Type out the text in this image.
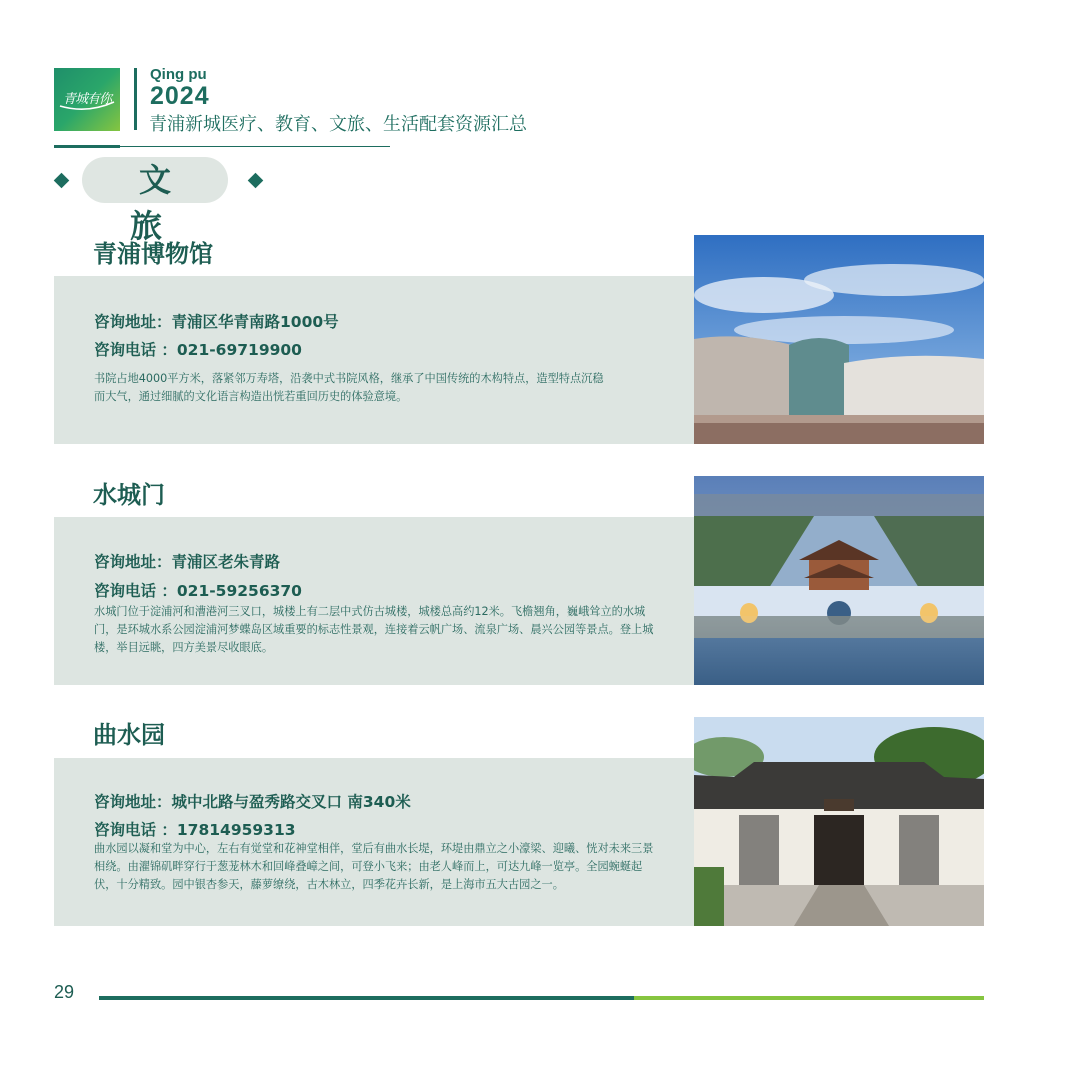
青城有你
Qing pu
2024
青浦新城医疗、教育、文旅、生活配套资源汇总
文 旅
青浦博物馆
咨询地址：青浦区华青南路1000号
咨询电话 ：021-69719900
书院占地4000平方米，落紧邻万寿塔，沿袭中式书院风格，继承了中国传统的木构特点，造型特点沉稳而大气，通过细腻的文化语言构造出恍若重回历史的体验意境。
水城门
咨询地址：青浦区老朱青路
咨询电话 ：021-59256370
水城门位于淀浦河和漕港河三叉口，城楼上有二层中式仿古城楼，城楼总高约12米。飞檐翘角，巍峨耸立的水城门，是环城水系公园淀浦河梦蝶岛区域重要的标志性景观，连接着云帆广场、流泉广场、晨兴公园等景点。登上城楼，举目远眺，四方美景尽收眼底。
曲水园
咨询地址：城中北路与盈秀路交叉口 南340米
咨询电话 ：17814959313
曲水园以凝和堂为中心，左右有觉堂和花神堂相伴，堂后有曲水长堤，环堤由鼎立之小濠梁、迎曦、恍对未来三景相绕。由濯锦矶畔穿行于葱茏林木和回峰叠嶂之间，可登小飞来；由老人峰而上，可达九峰一览亭。全园蜿蜒起伏，十分精致。园中银杏参天，藤萝缭绕，古木林立，四季花卉长新，是上海市五大古园之一。
29
